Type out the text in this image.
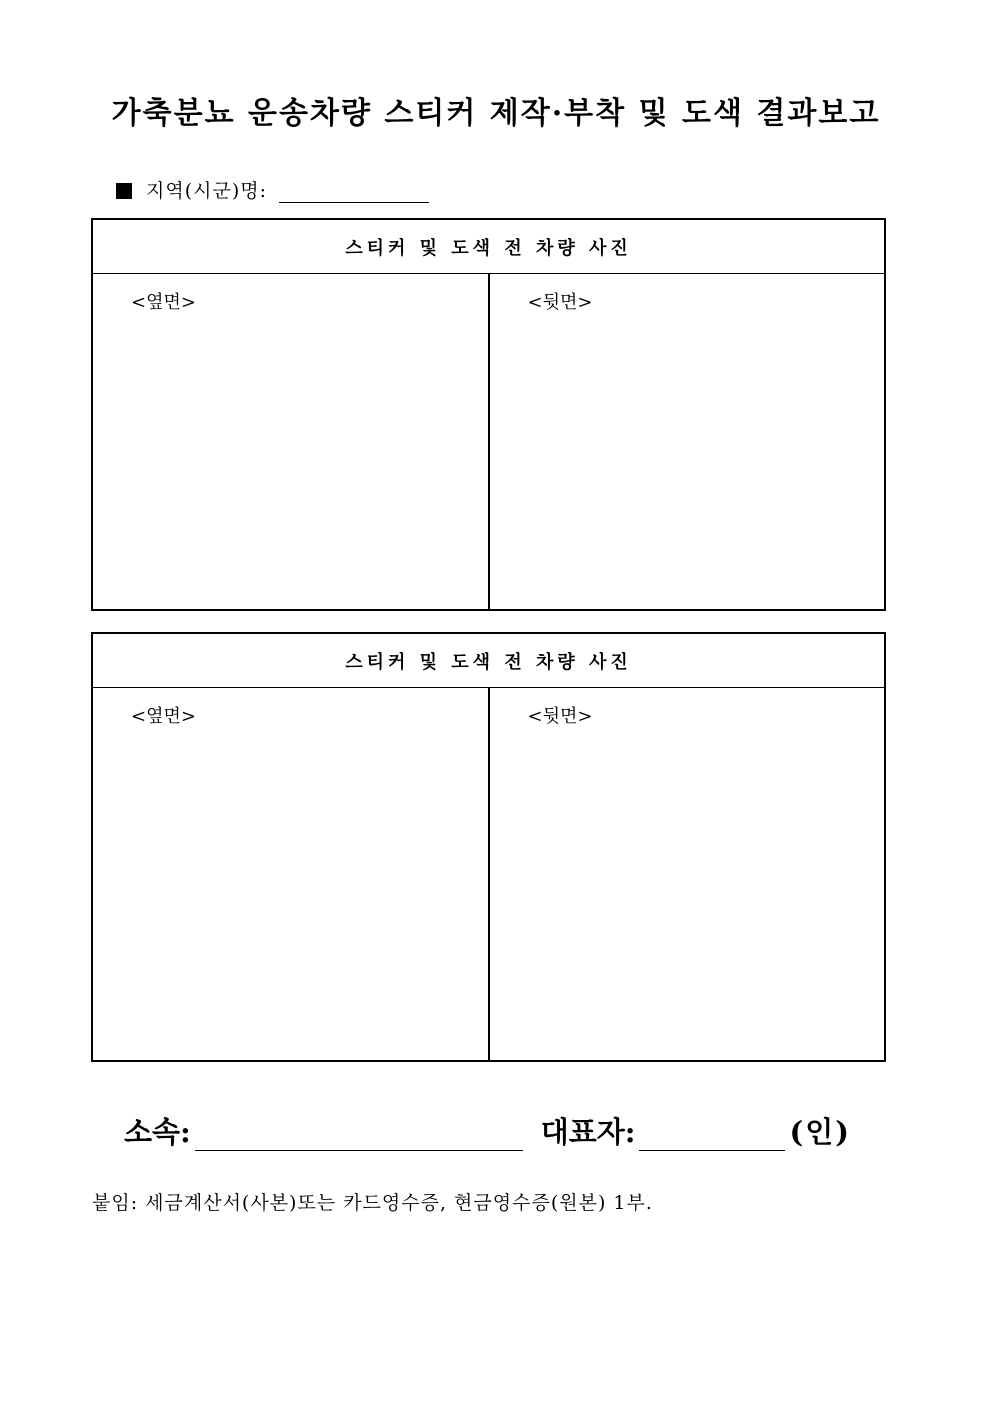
가축분뇨 운송차량 스티커 제작·부착 및 도색 결과보고
지역(시군)명:
스티커 및 도색 전 차량 사진
<옆면>	<뒷면>
스티커 및 도색 전 차량 사진
<옆면>	<뒷면>
소속:	대표자:	(인)
붙임: 세금계산서(사본)또는 카드영수증, 현금영수증(원본) 1부.
